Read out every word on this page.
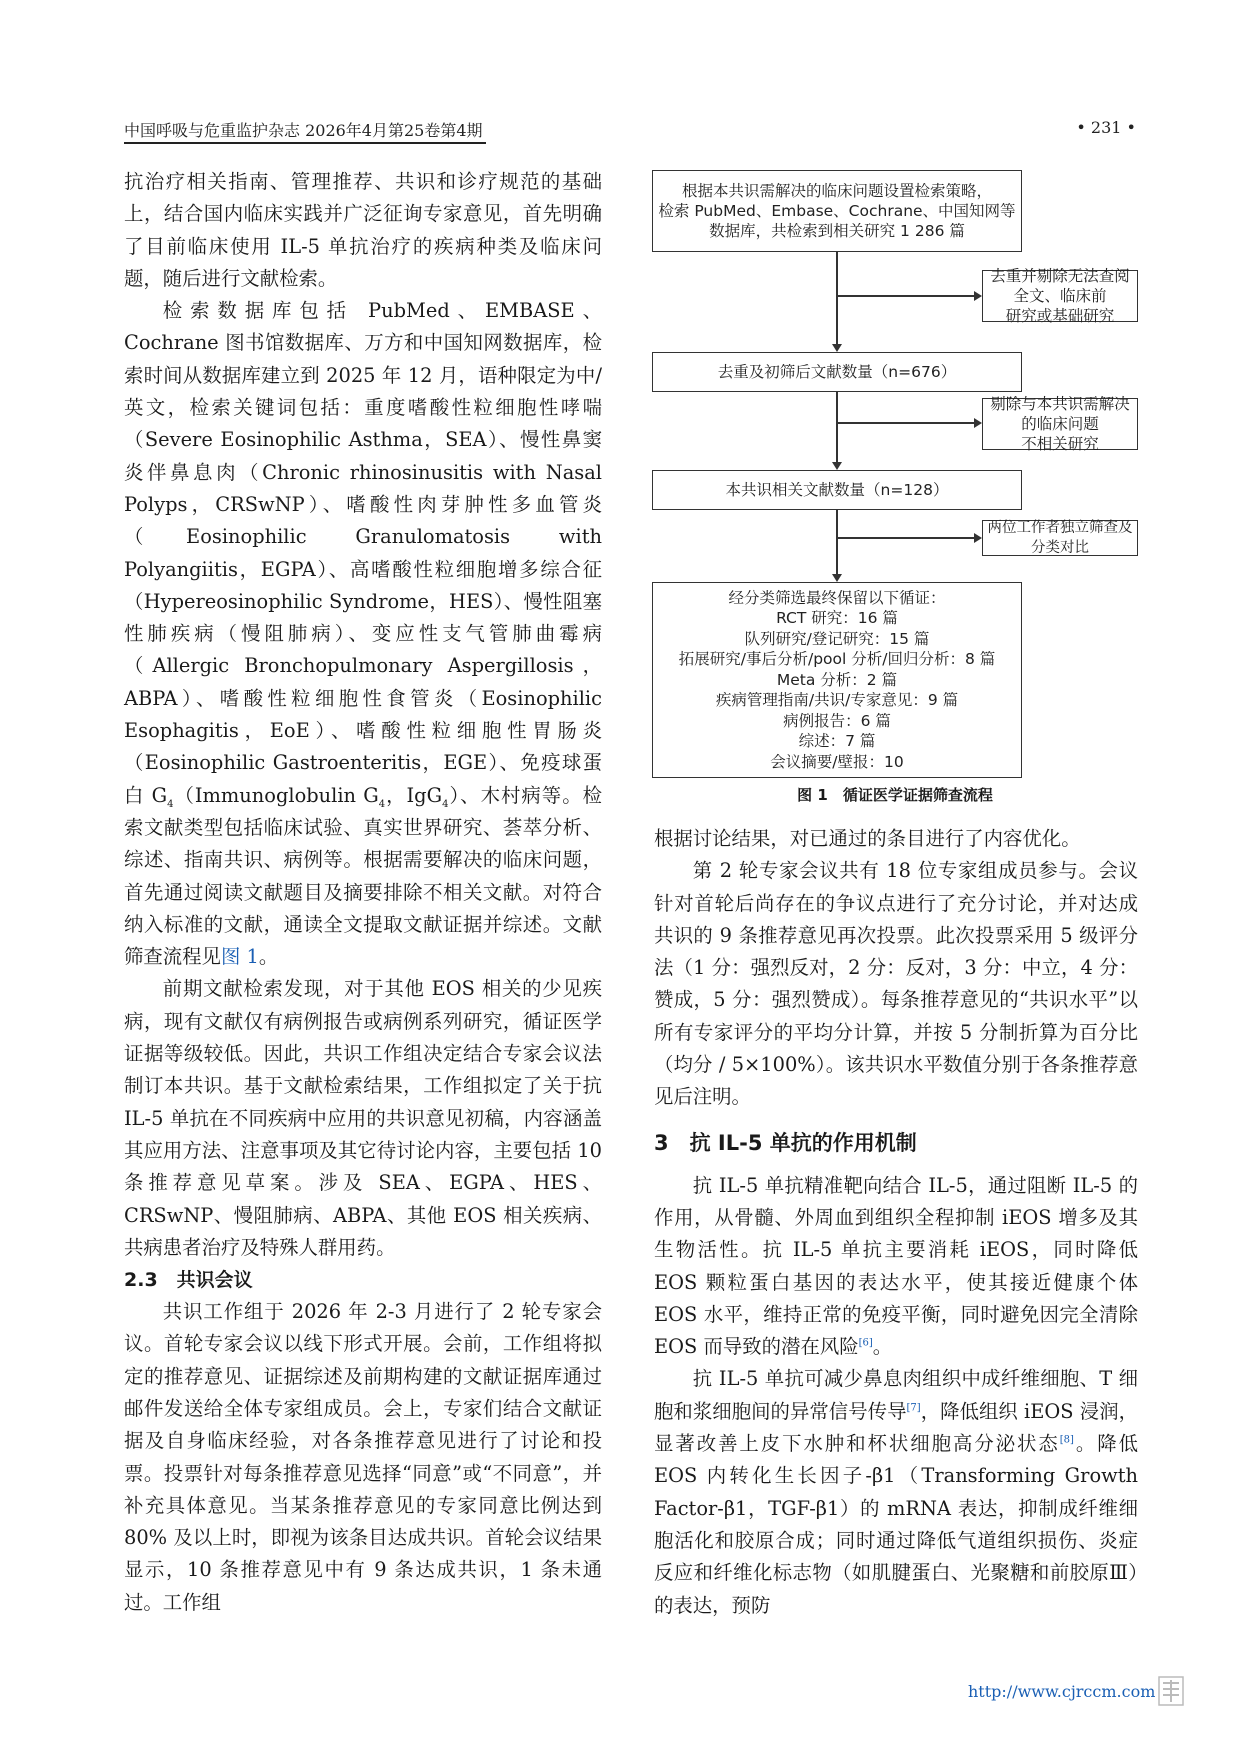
中国呼吸与危重监护杂志 2026年4月第25卷第4期	• 231 •

抗治疗相关指南、管理推荐、共识和诊疗规范的基础上，结合国内临床实践并广泛征询专家意见，首先明确了目前临床使用 IL-5 单抗治疗的疾病种类及临床问题，随后进行文献检索。

检索数据库包括 PubMed、EMBASE、Cochrane 图书馆数据库、万方和中国知网数据库，检索时间从数据库建立到 2025 年 12 月，语种限定为中/英文，检索关键词包括：重度嗜酸性粒细胞性哮喘（Severe Eosinophilic Asthma，SEA）、慢性鼻窦炎伴鼻息肉（Chronic rhinosinusitis with Nasal Polyps，CRSwNP）、嗜酸性肉芽肿性多血管炎（Eosinophilic Granulomatosis with Polyangiitis，EGPA）、高嗜酸性粒细胞增多综合征（Hypereosinophilic Syndrome，HES）、慢性阻塞性肺疾病（慢阻肺病）、变应性支气管肺曲霉病（Allergic Bronchopulmonary Aspergillosis，ABPA）、嗜酸性粒细胞性食管炎（Eosinophilic Esophagitis，EoE）、嗜酸性粒细胞性胃肠炎（Eosinophilic Gastroenteritis，EGE）、免疫球蛋白 $G_4(Immunoglobulin$ $G_4$，IgG$_4$）、木村病等。检索文献类型包括临床试验、真实世界研究、荟萃分析、综述、指南共识、病例等。根据需要解决的临床问题，首先通过阅读文献题目及摘要排除不相关文献。对符合纳入标准的文献，通读全文提取文献证据并综述。文献筛查流程见图 1。

前期文献检索发现，对于其他 EOS 相关的少见疾病，现有文献仅有病例报告或病例系列研究，循证医学证据等级较低。因此，共识工作组决定结合专家会议法制订本共识。基于文献检索结果，工作组拟定了关于抗 IL-5 单抗在不同疾病中应用的共识意见初稿，内容涵盖其应用方法、注意事项及其它待讨论内容，主要包括 10 条推荐意见草案。涉及 SEA、EGPA、HES、CRSwNP、慢阻肺病、ABPA、其他 EOS 相关疾病、共病患者治疗及特殊人群用药。

2.3　共识会议

共识工作组于 2026 年 2-3 月进行了 2 轮专家会议。首轮专家会议以线下形式开展。会前，工作组将拟定的推荐意见、证据综述及前期构建的文献证据库通过邮件发送给全体专家组成员。会上，专家们结合文献证据及自身临床经验，对各条推荐意见进行了讨论和投票。投票针对每条推荐意见选择“同意”或“不同意”，并补充具体意见。当某条推荐意见的专家同意比例达到 80% 及以上时，即视为该条目达成共识。首轮会议结果显示，10 条推荐意见中有 9 条达成共识，1 条未通过。工作组

根据本共识需解决的临床问题设置检索策略，
检索 PubMed、Embase、Cochrane、中国知网等
数据库，共检索到相关研究 1 286 篇
去重并剔除无法查阅全文、临床前
研究或基础研究
去重及初筛后文献数量（n=676）
剔除与本共识需解决的临床问题
不相关研究
本共识相关文献数量（n=128）
两位工作者独立筛查及分类对比
经分类筛选最终保留以下循证：
RCT 研究：16 篇
队列研究/登记研究：15 篇
拓展研究/事后分析/pool 分析/回归分析：8 篇
Meta 分析：2 篇
疾病管理指南/共识/专家意见：9 篇
病例报告：6 篇
综述：7 篇
会议摘要/壁报：10
图 1　循证医学证据筛查流程

根据讨论结果，对已通过的条目进行了内容优化。

第 2 轮专家会议共有 18 位专家组成员参与。会议针对首轮后尚存在的争议点进行了充分讨论，并对达成共识的 9 条推荐意见再次投票。此次投票采用 5 级评分法（1 分：强烈反对，2 分：反对，3 分：中立，4 分：赞成，5 分：强烈赞成）。每条推荐意见的“共识水平”以所有专家评分的平均分计算，并按 5 分制折算为百分比（均分 / 5×100%）。该共识水平数值分别于各条推荐意见后注明。

3　抗 IL-5 单抗的作用机制

抗 IL-5 单抗精准靶向结合 IL-5，通过阻断 IL-5 的作用，从骨髓、外周血到组织全程抑制 iEOS 增多及其生物活性。抗 IL-5 单抗主要消耗 iEOS，同时降低 EOS 颗粒蛋白基因的表达水平，使其接近健康个体 EOS 水平，维持正常的免疫平衡，同时避免因完全清除 EOS 而导致的潜在风险[6]。

抗 IL-5 单抗可减少鼻息肉组织中成纤维细胞、T 细胞和浆细胞间的异常信号传导[7]，降低组织 iEOS 浸润，显著改善上皮下水肿和杯状细胞高分泌状态[8]。降低 EOS 内转化生长因子-β1（Transforming Growth Factor-β1，TGF-β1）的 mRNA 表达，抑制成纤维细胞活化和胶原合成；同时通过降低气道组织损伤、炎症反应和纤维化标志物（如肌腱蛋白、光聚糖和前胶原Ⅲ）的表达，预防

http://www.cjrccm.com
